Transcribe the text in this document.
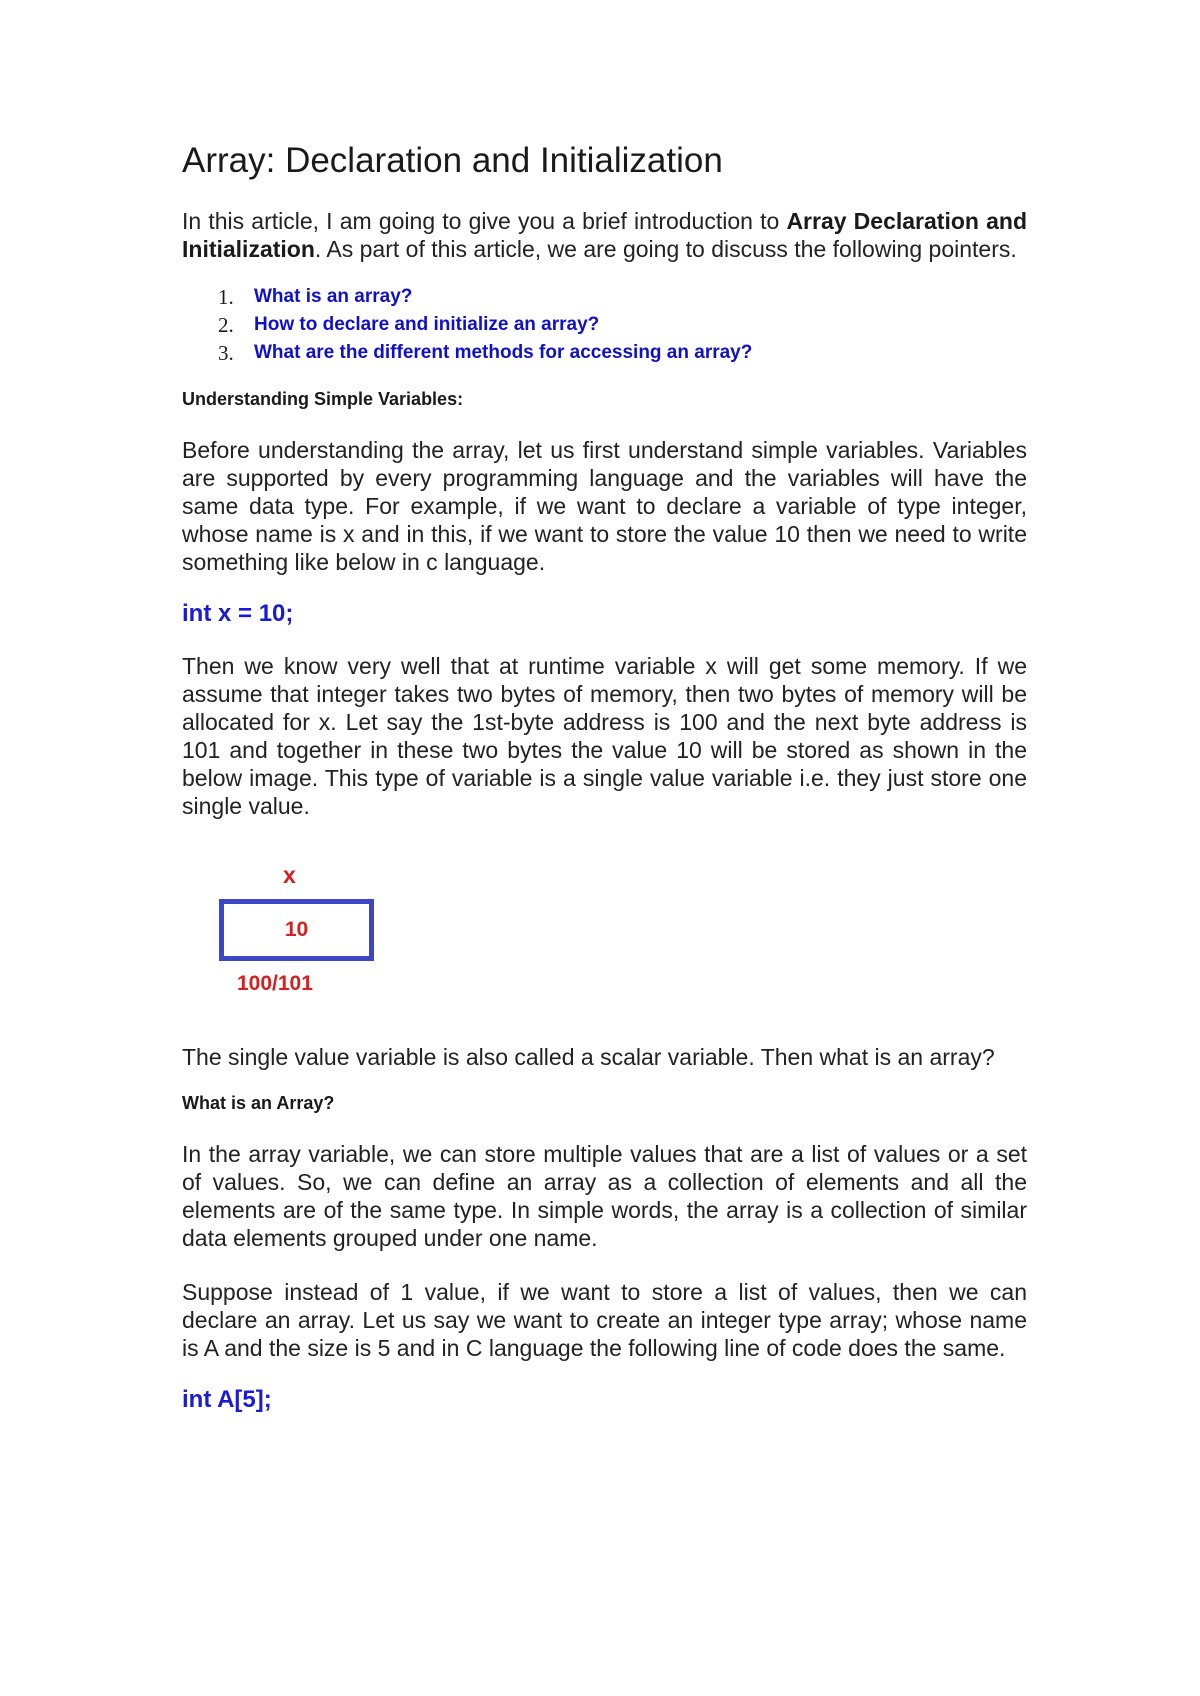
Array: Declaration and Initialization

In this article, I am going to give you a brief introduction to Array Declaration and Initialization. As part of this article, we are going to discuss the following pointers.

1.	What is an array?
2.	How to declare and initialize an array?
3.	What are the different methods for accessing an array?
Understanding Simple Variables:

Before understanding the array, let us first understand simple variables. Variables are supported by every programming language and the variables will have the same data type. For example, if we want to declare a variable of type integer, whose name is x and in this, if we want to store the value 10 then we need to write something like below in c language.

int x = 10;

Then we know very well that at runtime variable x will get some memory. If we assume that integer takes two bytes of memory, then two bytes of memory will be allocated for x. Let say the 1st-byte address is 100 and the next byte address is 101 and together in these two bytes the value 10 will be stored as shown in the below image. This type of variable is a single value variable i.e. they just store one single value.

x
10
100/101

The single value variable is also called a scalar variable. Then what is an array?

What is an Array?

In the array variable, we can store multiple values that are a list of values or a set of values. So, we can define an array as a collection of elements and all the elements are of the same type. In simple words, the array is a collection of similar data elements grouped under one name.

Suppose instead of 1 value, if we want to store a list of values, then we can declare an array. Let us say we want to create an integer type array; whose name is A and the size is 5 and in C language the following line of code does the same.

int A[5];
